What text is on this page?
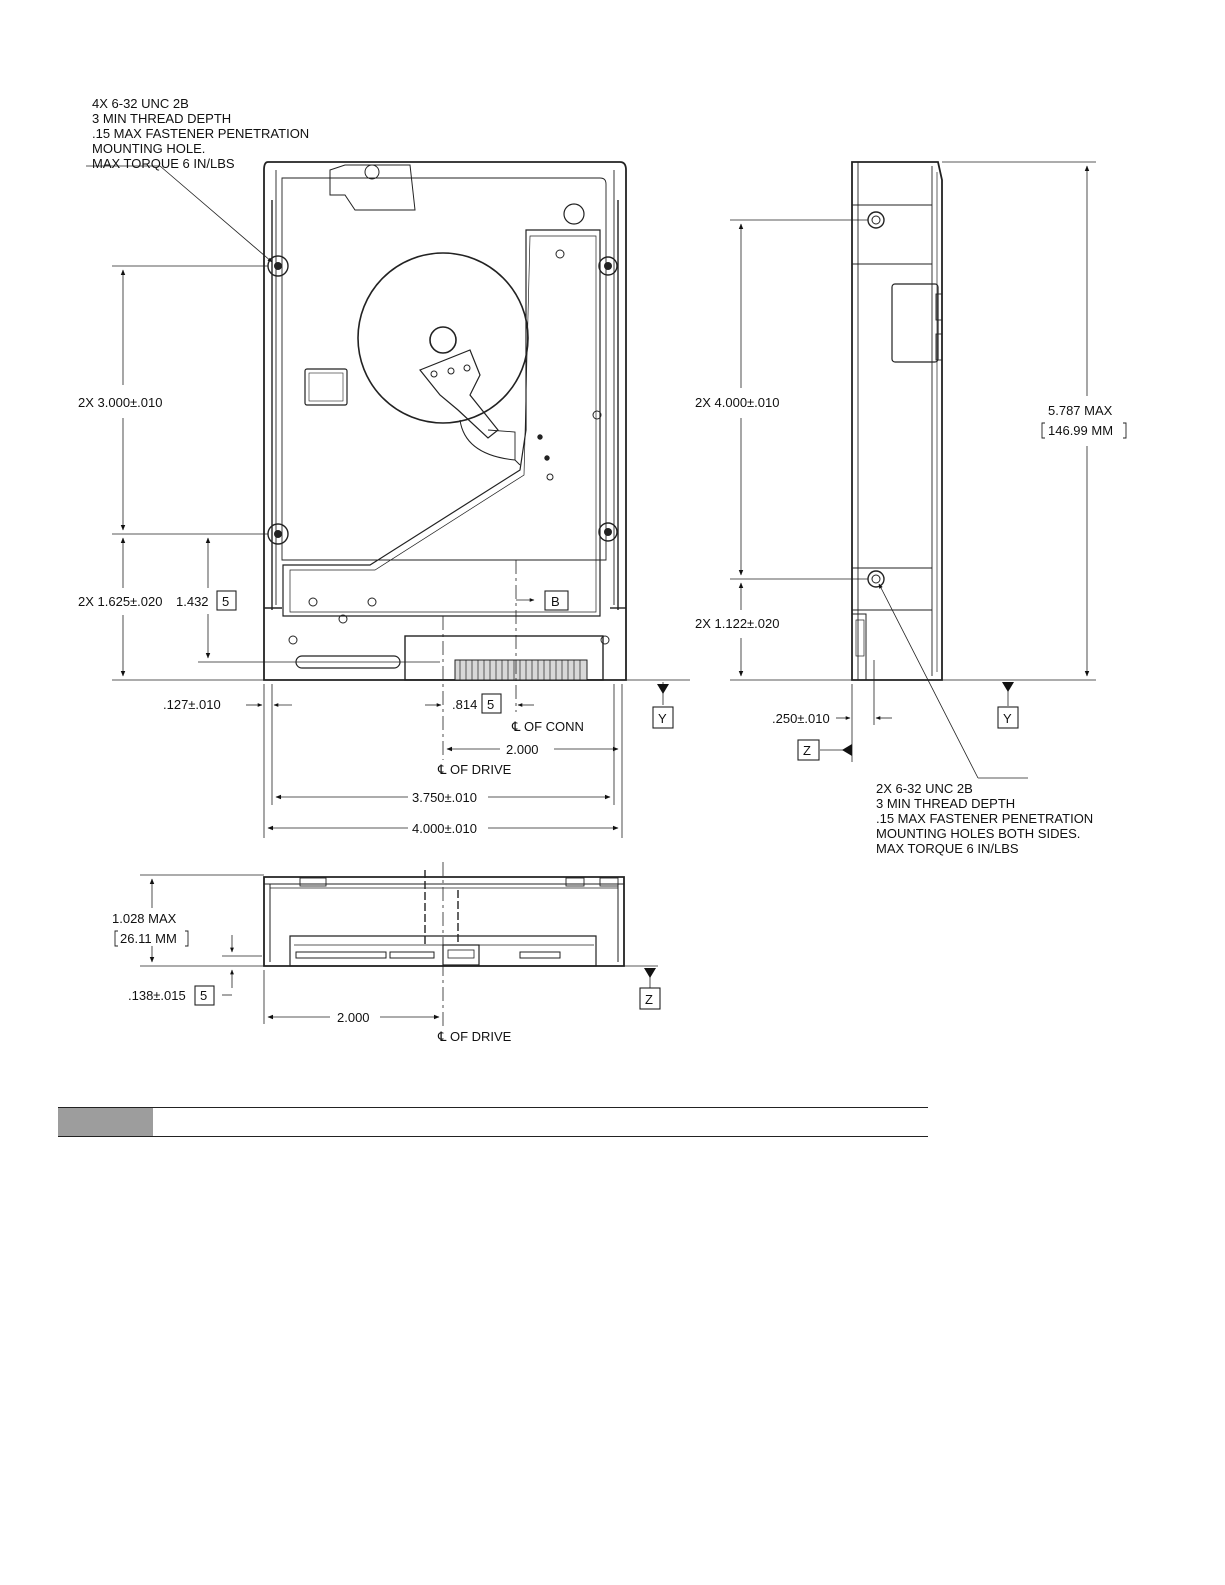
4X 6-32 UNC 2B
3 MIN THREAD DEPTH
.15 MAX FASTENER PENETRATION
MOUNTING HOLE.
MAX TORQUE 6 IN/LBS
2X 3.000±.010
2X 1.625±.020 1.432 5	B
Y
.127±.010	.814 5
℄ OF CONN
2.000
℄ OF DRIVE
3.750±.010
4.000±.010
2X 4.000±.010
5.787 MAX
146.99 MM
2X 1.122±.020
.250±.010	Y
Z
2X 6-32 UNC 2B
3 MIN THREAD DEPTH
.15 MAX FASTENER PENETRATION
MOUNTING HOLES BOTH SIDES.
MAX TORQUE 6 IN/LBS
1.028 MAX
26.11 MM
.138±.015 5
2.000
℄ OF DRIVE
Z
